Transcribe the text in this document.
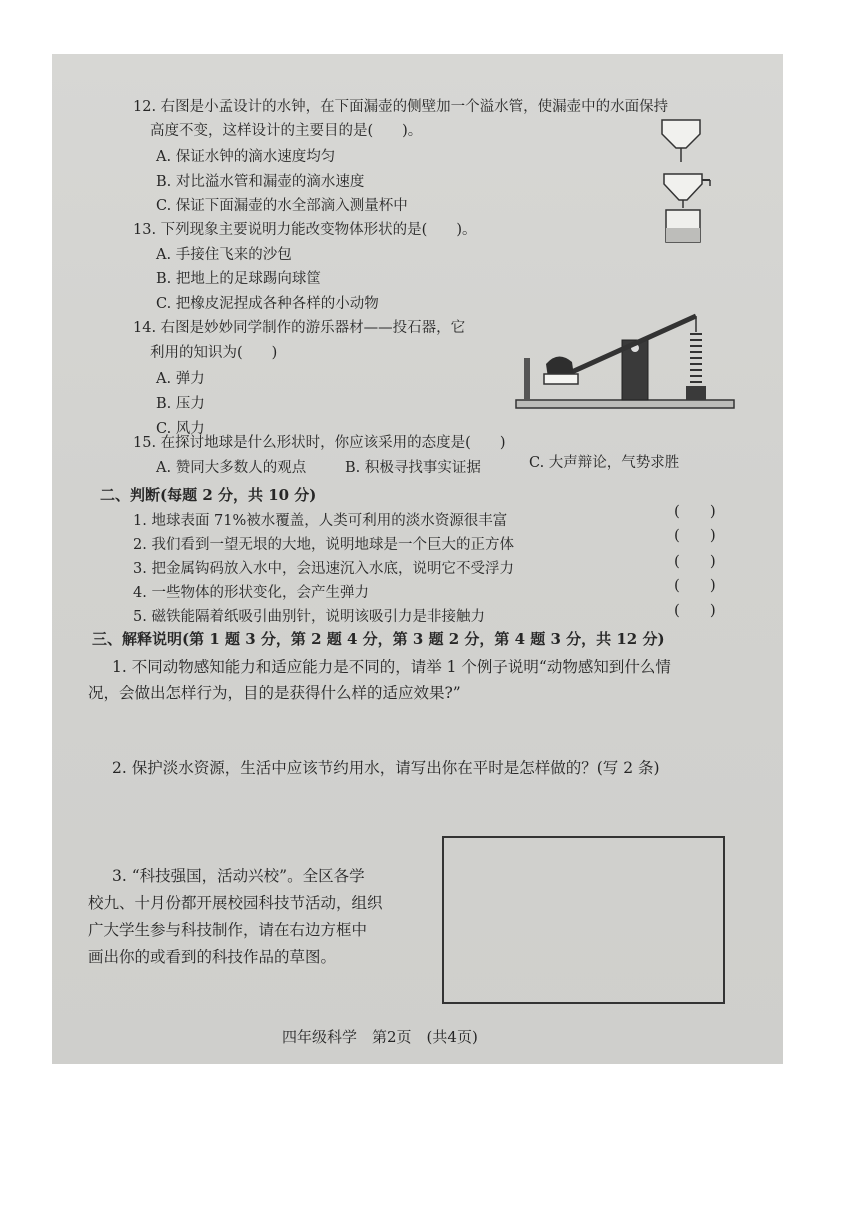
12. 右图是小孟设计的水钟，在下面漏壶的侧壁加一个溢水管，使漏壶中的水面保持
高度不变，这样设计的主要目的是(　　)。
A. 保证水钟的滴水速度均匀
B. 对比溢水管和漏壶的滴水速度
C. 保证下面漏壶的水全部滴入测量杯中
13. 下列现象主要说明力能改变物体形状的是(　　)。
A. 手接住飞来的沙包
B. 把地上的足球踢向球筐
C. 把橡皮泥捏成各种各样的小动物
14. 右图是妙妙同学制作的游乐器材——投石器，它
利用的知识为(　　)
A. 弹力
B. 压力
C. 风力
15. 在探讨地球是什么形状时，你应该采用的态度是(　　)
A. 赞同大多数人的观点	B. 积极寻找事实证据	C. 大声辩论，气势求胜
二、判断(每题 2 分，共 10 分)
1. 地球表面 71%被水覆盖，人类可利用的淡水资源很丰富
2. 我们看到一望无垠的大地，说明地球是一个巨大的正方体
3. 把金属钩码放入水中，会迅速沉入水底，说明它不受浮力
4. 一些物体的形状变化，会产生弹力
5. 磁铁能隔着纸吸引曲别针，说明该吸引力是非接触力
(　　)
(　　)
(　　)
(　　)
(　　)
三、解释说明(第 1 题 3 分，第 2 题 4 分，第 3 题 2 分，第 4 题 3 分，共 12 分)
1. 不同动物感知能力和适应能力是不同的，请举 1 个例子说明“动物感知到什么情
况，会做出怎样行为，目的是获得什么样的适应效果?”
2. 保护淡水资源，生活中应该节约用水，请写出你在平时是怎样做的？(写 2 条)
3. “科技强国，活动兴校”。全区各学
校九、十月份都开展校园科技节活动，组织
广大学生参与科技制作，请在右边方框中
画出你的或看到的科技作品的草图。
四年级科学　第2页　(共4页)
